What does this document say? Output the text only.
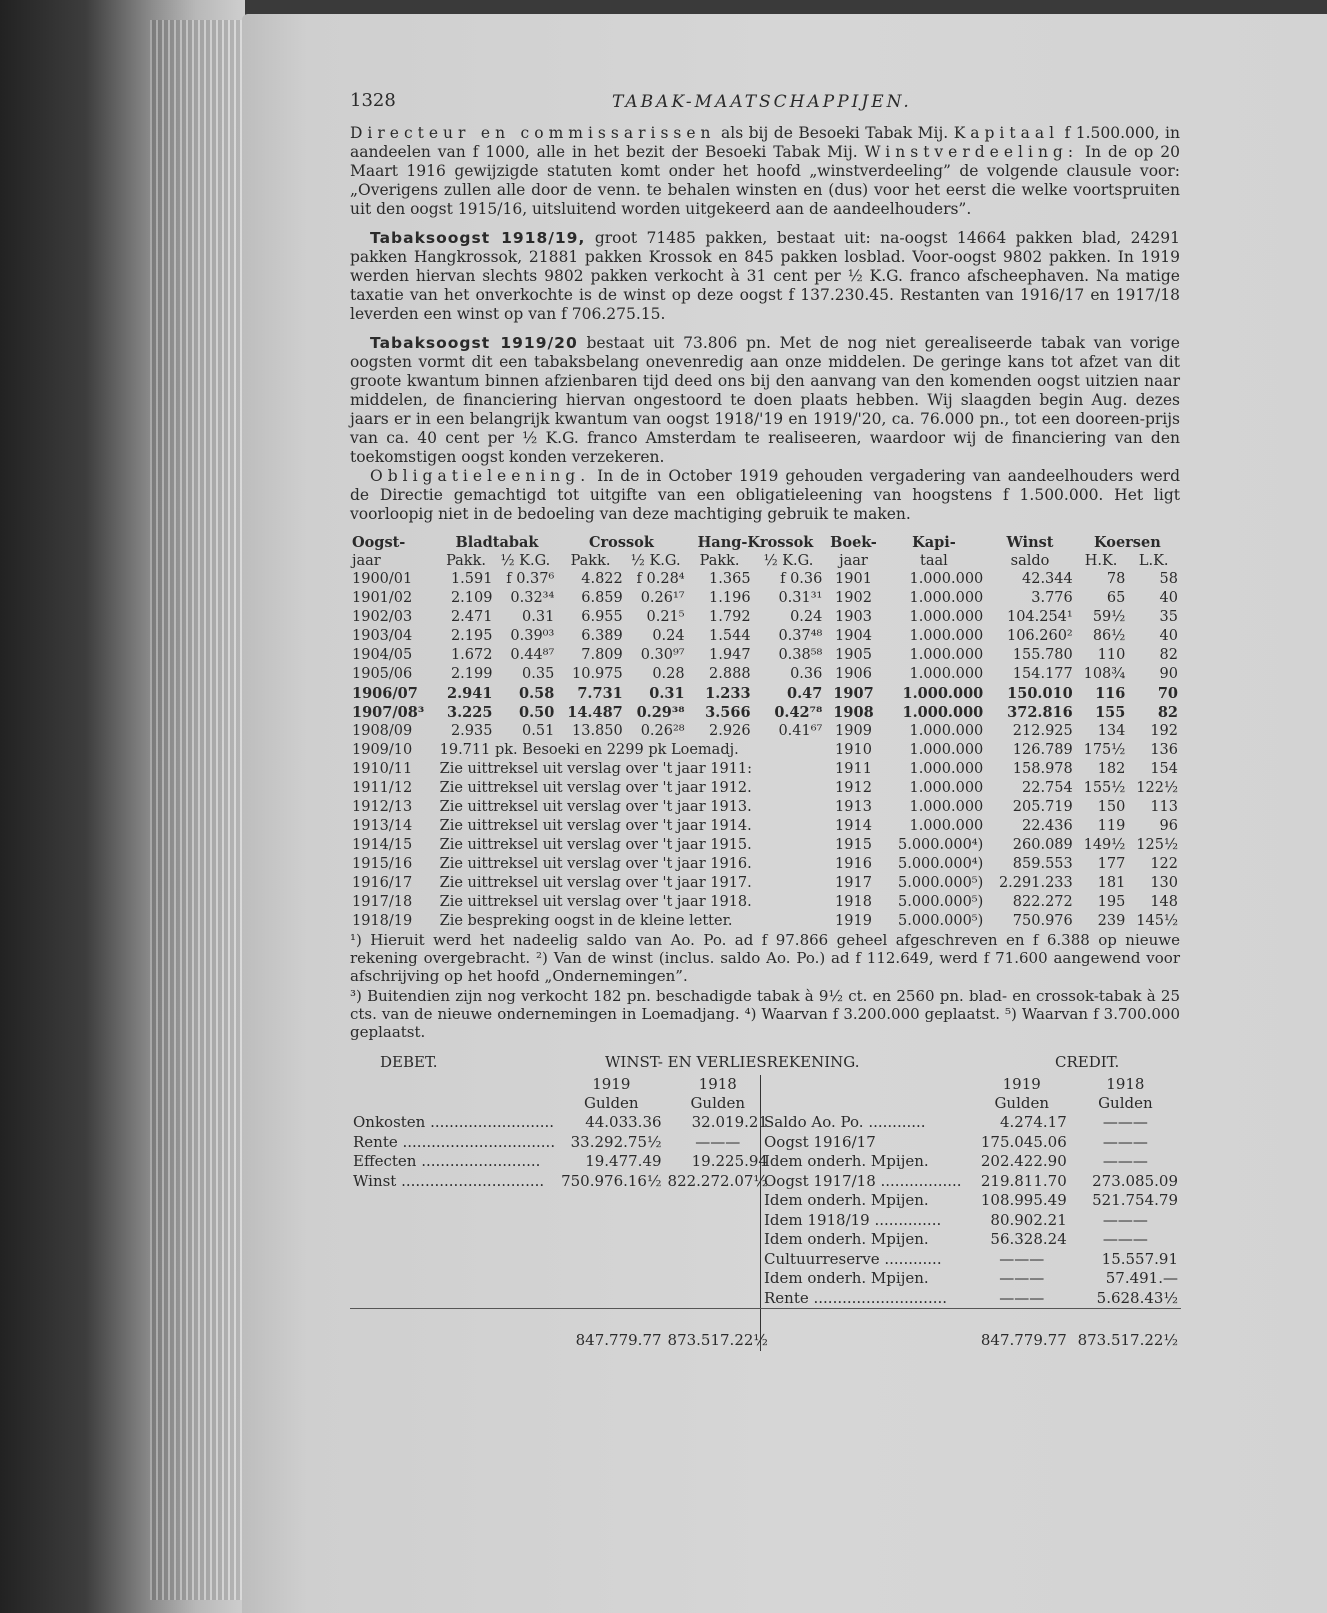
1328	TABAK-MAATSCHAPPIJEN.

Directeur en commissarissen als bij de Besoeki Tabak Mij. Kapitaal f 1.500.000, in aandeelen van f 1000, alle in het bezit der Besoeki Tabak Mij. Winstverdeeling: In de op 20 Maart 1916 gewijzigde statuten komt onder het hoofd „winstverdeeling” de volgende clausule voor: „Overigens zullen alle door de venn. te behalen winsten en (dus) voor het eerst die welke voortspruiten uit den oogst 1915/16, uitsluitend worden uitgekeerd aan de aandeelhouders”.

Tabaksoogst 1918/19, groot 71485 pakken, bestaat uit: na-oogst 14664 pakken blad, 24291 pakken Hangkrossok, 21881 pakken Krossok en 845 pakken losblad. Voor-oogst 9802 pakken. In 1919 werden hiervan slechts 9802 pakken verkocht à 31 cent per ½ K.G. franco afscheephaven. Na matige taxatie van het onverkochte is de winst op deze oogst f 137.230.45. Restanten van 1916/17 en 1917/18 leverden een winst op van f 706.275.15.

Tabaksoogst 1919/20 bestaat uit 73.806 pn. Met de nog niet gerealiseerde tabak van vorige oogsten vormt dit een tabaksbelang onevenredig aan onze middelen. De geringe kans tot afzet van dit groote kwantum binnen afzienbaren tijd deed ons bij den aanvang van den komenden oogst uitzien naar middelen, de financiering hiervan ongestoord te doen plaats hebben. Wij slaagden begin Aug. dezes jaars er in een belangrijk kwantum van oogst 1918/'19 en 1919/'20, ca. 76.000 pn., tot een dooreen-prijs van ca. 40 cent per ½ K.G. franco Amsterdam te realiseeren, waardoor wij de financiering van den toekomstigen oogst konden verzekeren.

Obligatieleening. In de in October 1919 gehouden vergadering van aandeelhouders werd de Directie gemachtigd tot uitgifte van een obligatieleening van hoogstens f 1.500.000. Het ligt voorloopig niet in de bedoeling van deze machtiging gebruik te maken.

Oogst-	Bladtabak		Crossok		Hang-Krossok		Boek-	Kapi-	Winst	Koersen	
jaar	Pakk.	½ K.G.	Pakk.	½ K.G.	Pakk.	½ K.G.	jaar	taal	saldo	H.K.	L.K.
1900/01	1.591	f 0.37⁶	4.822	f 0.28⁴	1.365	f 0.36	1901	1.000.000	42.344	78	58
1901/02	2.109	0.32³⁴	6.859	0.26¹⁷	1.196	0.31³¹	1902	1.000.000	3.776	65	40
1902/03	2.471	0.31	6.955	0.21⁵	1.792	0.24	1903	1.000.000	104.254¹	59½	35
1903/04	2.195	0.39⁰³	6.389	0.24	1.544	0.37⁴⁸	1904	1.000.000	106.260²	86½	40
1904/05	1.672	0.44⁸⁷	7.809	0.30⁹⁷	1.947	0.38⁵⁸	1905	1.000.000	155.780	110	82
1905/06	2.199	0.35	10.975	0.28	2.888	0.36	1906	1.000.000	154.177	108¾	90
1906/07	2.941	0.58	7.731	0.31	1.233	0.47	1907	1.000.000	150.010	116	70
1907/08³	3.225	0.50	14.487	0.29³⁸	3.566	0.42⁷⁸	1908	1.000.000	372.816	155	82
1908/09	2.935	0.51	13.850	0.26²⁸	2.926	0.41⁶⁷	1909	1.000.000	212.925	134	192
1909/10	19.711 pk. Besoeki en 2299 pk Loemadj.						1910	1.000.000	126.789	175½	136
1910/11	Zie uittreksel uit verslag over 't jaar 1911:						1911	1.000.000	158.978	182	154
1911/12	Zie uittreksel uit verslag over 't jaar 1912.						1912	1.000.000	22.754	155½	122½
1912/13	Zie uittreksel uit verslag over 't jaar 1913.						1913	1.000.000	205.719	150	113
1913/14	Zie uittreksel uit verslag over 't jaar 1914.						1914	1.000.000	22.436	119	96
1914/15	Zie uittreksel uit verslag over 't jaar 1915.						1915	5.000.000⁴)	260.089	149½	125½
1915/16	Zie uittreksel uit verslag over 't jaar 1916.						1916	5.000.000⁴)	859.553	177	122
1916/17	Zie uittreksel uit verslag over 't jaar 1917.						1917	5.000.000⁵)	2.291.233	181	130
1917/18	Zie uittreksel uit verslag over 't jaar 1918.						1918	5.000.000⁵)	822.272	195	148
1918/19	Zie bespreking oogst in de kleine letter.						1919	5.000.000⁵)	750.976	239	145½

¹) Hieruit werd het nadeelig saldo van Ao. Po. ad f 97.866 geheel afgeschreven en f 6.388 op nieuwe rekening overgebracht. ²) Van de winst (inclus. saldo Ao. Po.) ad f 112.649, werd f 71.600 aangewend voor afschrijving op het hoofd „Ondernemingen”.

³) Buitendien zijn nog verkocht 182 pn. beschadigde tabak à 9½ ct. en 2560 pn. blad- en crossok-tabak à 25 cts. van de nieuwe ondernemingen in Loemadjang. ⁴) Waarvan f 3.200.000 geplaatst. ⁵) Waarvan f 3.700.000 geplaatst.

DEBET.	WINST- EN VERLIESREKENING.	CREDIT.
	1919	1918
	Gulden	Gulden
Onkosten ..........................	44.033.36	32.019.21
Rente ................................	33.292.75½	———
Effecten .........................	19.477.49	19.225.94
Winst ..............................	750.976.16½	822.272.07½

	847.779.77	873.517.22½
	1919	1918
	Gulden	Gulden
Saldo Ao. Po. ............	4.274.17	———
Oogst 1916/17	175.045.06	———
Idem onderh. Mpijen.	202.422.90	———
Oogst 1917/18 .................	219.811.70	273.085.09
Idem onderh. Mpijen.	108.995.49	521.754.79
Idem 1918/19 ..............	80.902.21	———
Idem onderh. Mpijen.	56.328.24	———
Cultuurreserve ............	———	15.557.91
Idem onderh. Mpijen.	———	57.491.—
Rente ............................	———	5.628.43½
	847.779.77	873.517.22½
